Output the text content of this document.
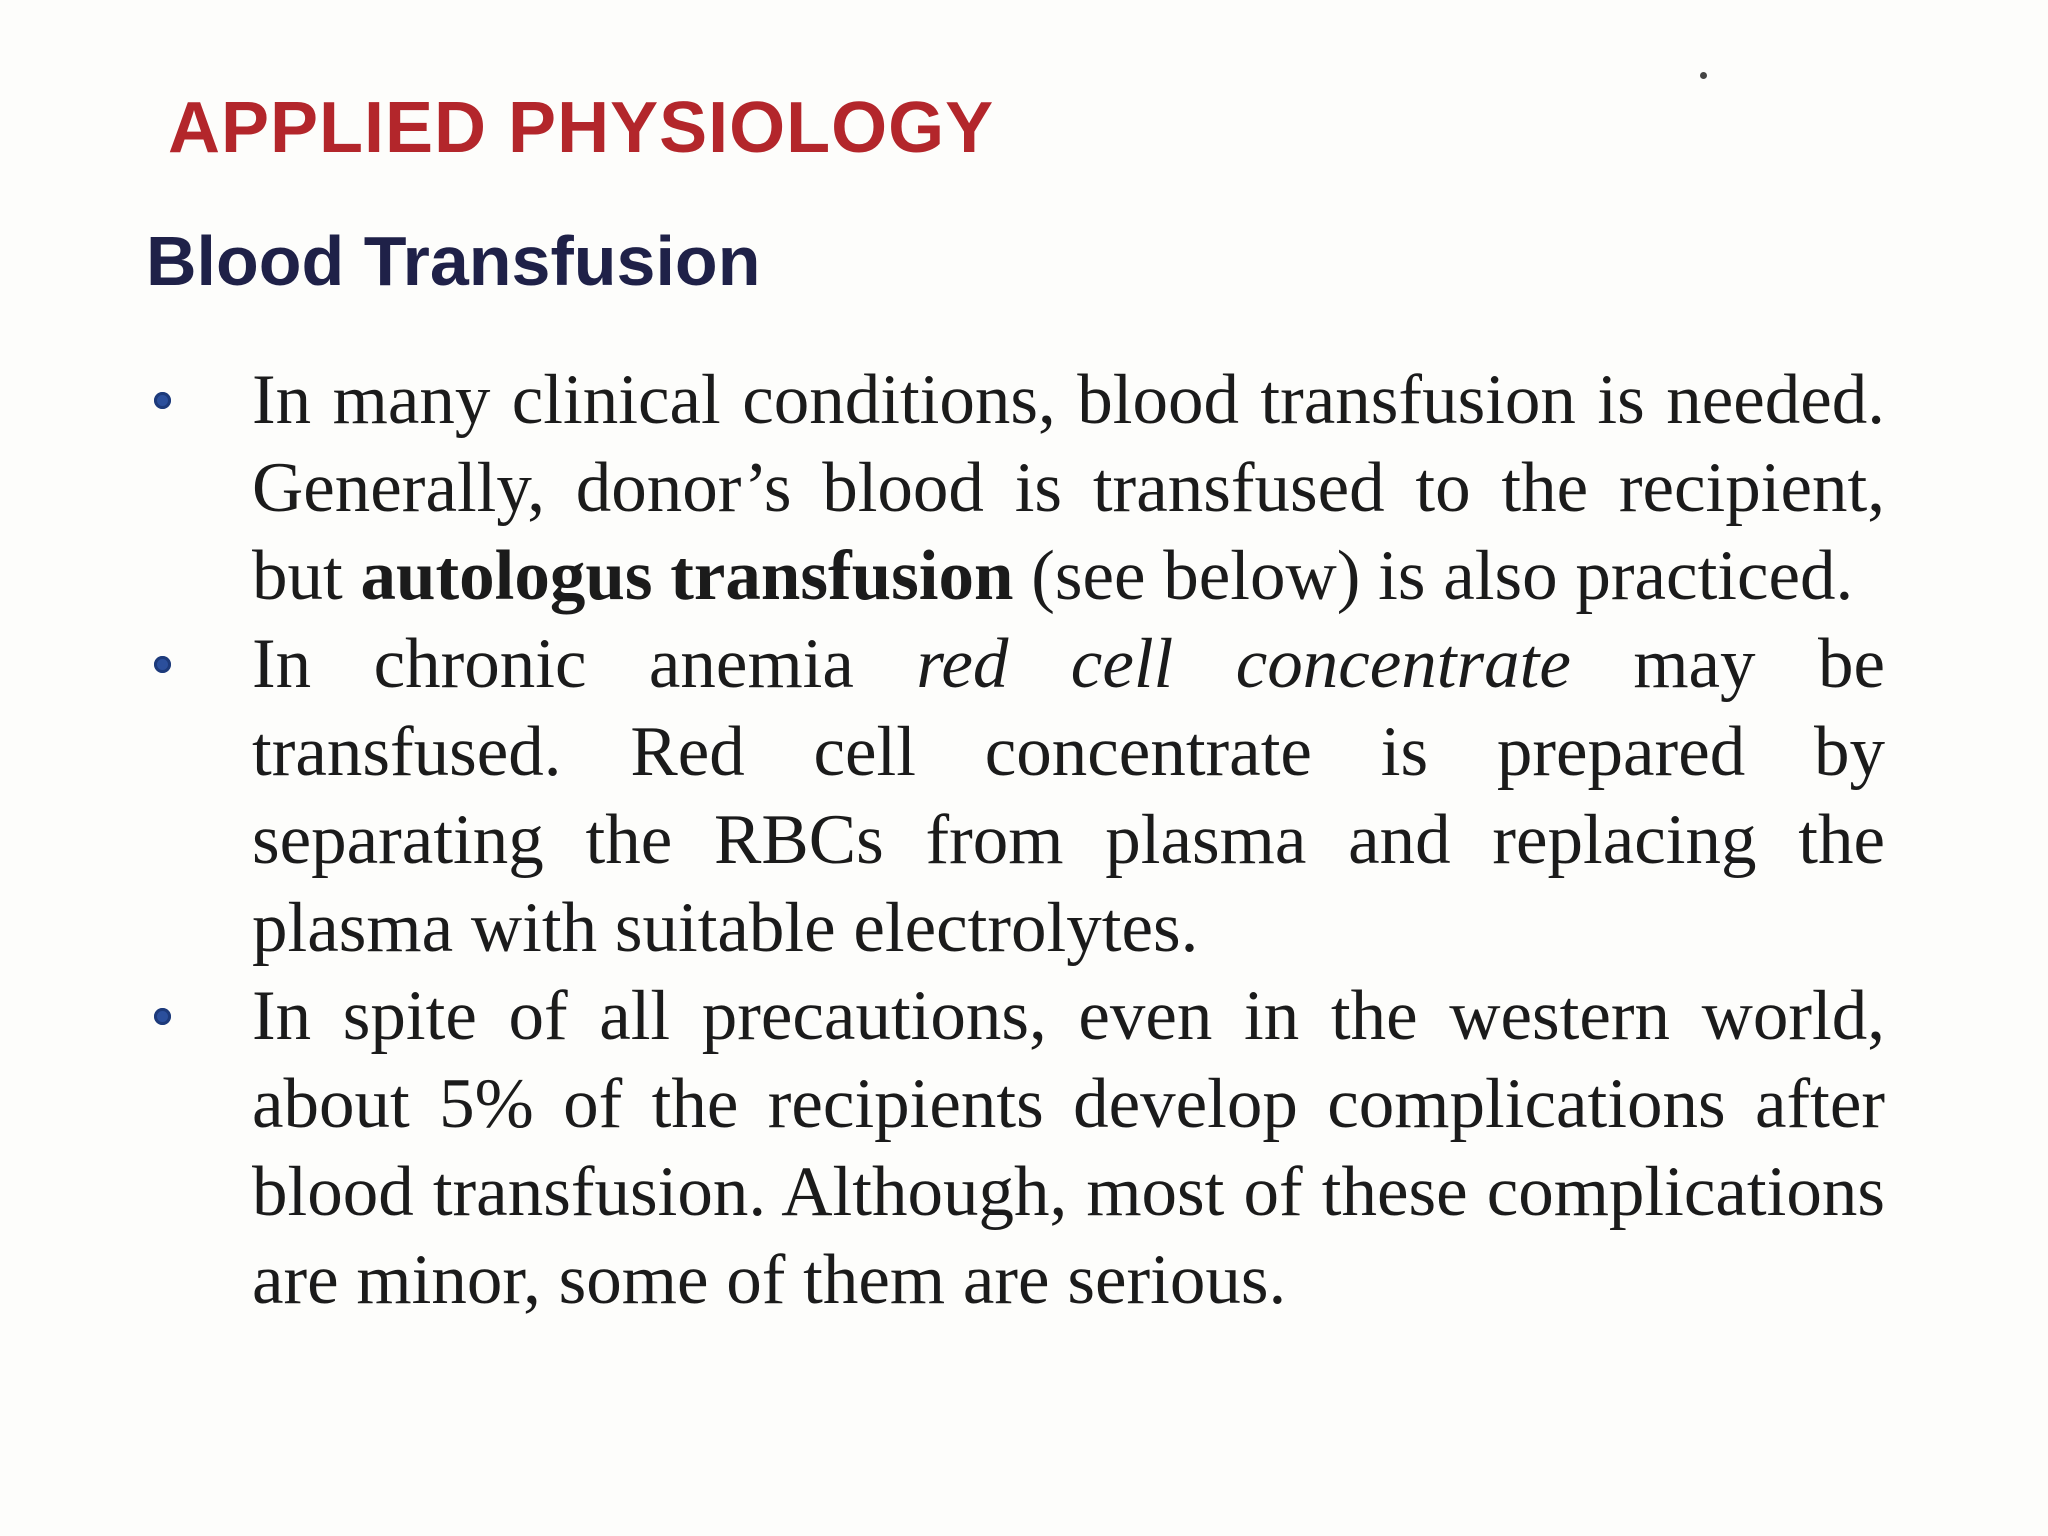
APPLIED PHYSIOLOGY
Blood Transfusion
In many clinical conditions, blood transfusion is needed. Generally, donor’s blood is transfused to the recipient, but autologus transfusion (see below) is also practiced.
In chronic anemia red cell concentrate may be transfused. Red cell concentrate is prepared by separating the RBCs from plasma and replacing the plasma with suitable electrolytes.
In spite of all precautions, even in the western world, about 5% of the recipients develop complications after blood transfusion. Although, most of these complications are minor, some of them are serious.
